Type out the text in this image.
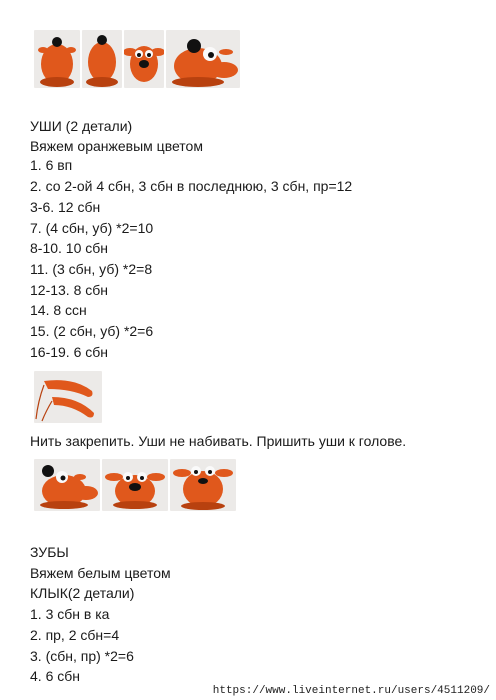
УШИ (2 детали)
Вяжем оранжевым цветом
1. 6 вп
2. со 2-ой 4 сбн, 3 сбн в последнюю, 3 сбн, пр=12
3-6. 12 сбн
7. (4 сбн, уб) *2=10
8-10. 10 сбн
11. (3 сбн, уб) *2=8
12-13. 8 сбн
14. 8 ссн
15. (2 сбн, уб) *2=6
16-19. 6 сбн
Нить закрепить. Уши не набивать. Пришить уши к голове.
ЗУБЫ
Вяжем белым цветом
КЛЫК(2 детали)
1. 3 сбн в ка
2. пр, 2 сбн=4
3. (сбн, пр) *2=6
4. 6 сбн
https://www.liveinternet.ru/users/4511209/
